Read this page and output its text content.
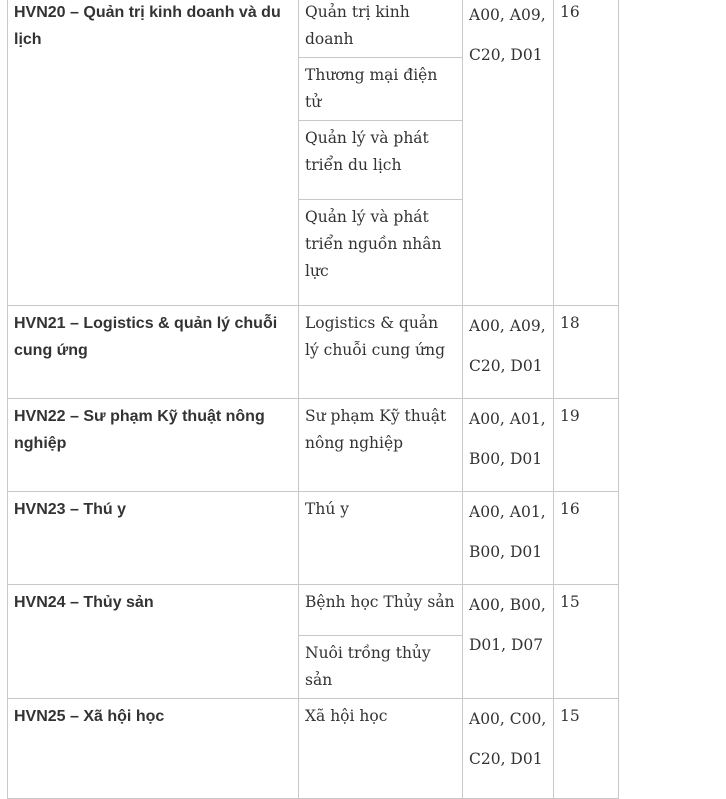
HVN20 – Quản trị kinh doanh và du lịch	Quản trị kinh doanh	A00, A09, C20, D01	16
	Thương mại điện tử		
	Quản lý và phát triển du lịch		
	Quản lý và phát triển nguồn nhân lực		
HVN21 – Logistics & quản lý chuỗi cung ứng	Logistics & quản lý chuỗi cung ứng	A00, A09, C20, D01	18
HVN22 – Sư phạm Kỹ thuật nông nghiệp	Sư phạm Kỹ thuật nông nghiệp	A00, A01, B00, D01	19
HVN23 – Thú y	Thú y	A00, A01, B00, D01	16
HVN24 – Thủy sản	Bệnh học Thủy sản	A00, B00, D01, D07	15
	Nuôi trồng thủy sản		
HVN25 – Xã hội học	Xã hội học	A00, C00, C20, D01	15
